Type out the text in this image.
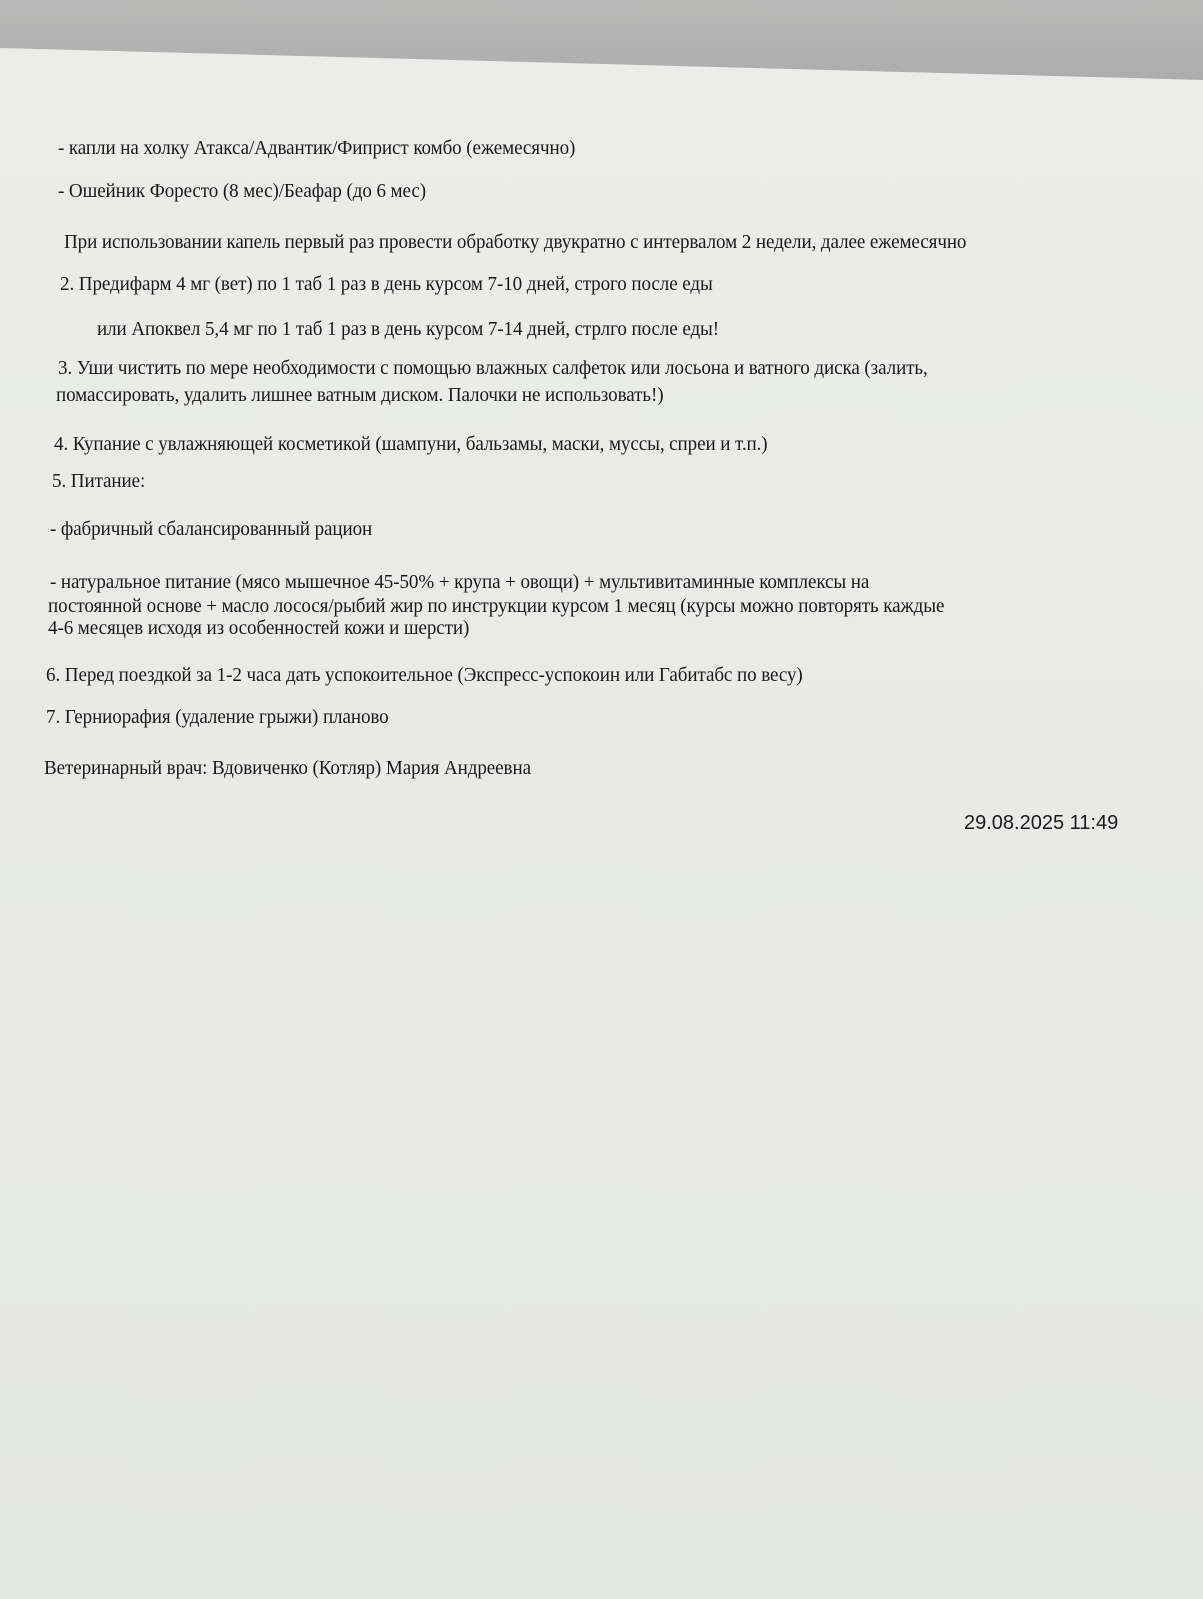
- капли на холку Атакса/Адвантик/Фиприст комбо (ежемесячно)
- Ошейник Форесто (8 мес)/Беафар (до 6 мес)
При использовании капель первый раз провести обработку двукратно с интервалом 2 недели, далее ежемесячно
2. Предифарм 4 мг (вет) по 1 таб 1 раз в день курсом 7-10 дней, строго после еды
или Апоквел 5,4 мг по 1 таб 1 раз в день курсом 7-14 дней, стрлго после еды!
3. Уши чистить по мере необходимости с помощью влажных салфеток или лосьона и ватного диска (залить,
помассировать, удалить лишнее ватным диском. Палочки не использовать!)
4. Купание с увлажняющей косметикой (шампуни, бальзамы, маски, муссы, спреи и т.п.)
5. Питание:
- фабричный сбалансированный рацион
- натуральное питание (мясо мышечное 45-50% + крупа + овощи) + мультивитаминные комплексы на
постоянной основе + масло лосося/рыбий жир по инструкции курсом 1 месяц (курсы можно повторять каждые
4-6 месяцев исходя из особенностей кожи и шерсти)
6. Перед поездкой за 1-2 часа дать успокоительное (Экспресс-успокоин или Габитабс по весу)
7. Герниорафия (удаление грыжи) планово
Ветеринарный врач: Вдовиченко (Котляр) Мария Андреевна
29.08.2025 11:49
